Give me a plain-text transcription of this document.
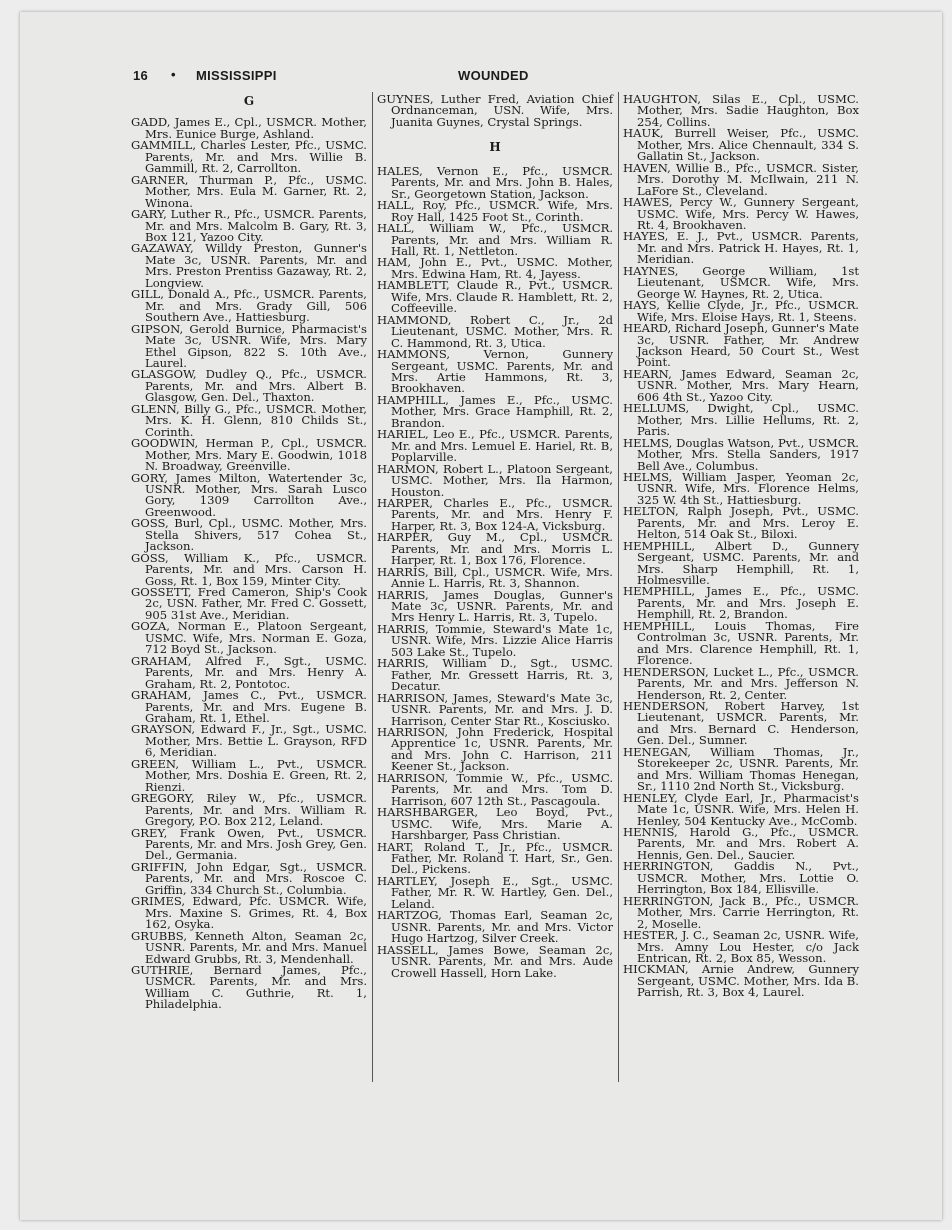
16 • MISSISSIPPI	WOUNDED
G

GADD, James E., Cpl., USMCR. Mother, Mrs. Eunice Burge, Ashland.

GAMMILL, Charles Lester, Pfc., USMC. Parents, Mr. and Mrs. Willie B. Gammill, Rt. 2, Carrollton.

GARNER, Thurman P., Pfc., USMC. Mother, Mrs. Eula M. Garner, Rt. 2, Winona.

GARY, Luther R., Pfc., USMCR. Parents, Mr. and Mrs. Malcolm B. Gary, Rt. 3, Box 121, Yazoo City.

GAZAWAY, Willdy Preston, Gunner's Mate 3c, USNR. Parents, Mr. and Mrs. Preston Prentiss Gazaway, Rt. 2, Longview.

GILL, Donald A., Pfc., USMCR. Parents, Mr. and Mrs. Grady Gill, 506 Southern Ave., Hattiesburg.

GIPSON, Gerold Burnice, Pharmacist's Mate 3c, USNR. Wife, Mrs. Mary Ethel Gipson, 822 S. 10th Ave., Laurel.

GLASGOW, Dudley Q., Pfc., USMCR. Parents, Mr. and Mrs. Albert B. Glasgow, Gen. Del., Thaxton.

GLENN, Billy G., Pfc., USMCR. Mother, Mrs. K. H. Glenn, 810 Childs St., Corinth.

GOODWIN, Herman P., Cpl., USMCR. Mother, Mrs. Mary E. Goodwin, 1018 N. Broadway, Greenville.

GORY, James Milton, Watertender 3c, USNR. Mother, Mrs. Sarah Lusco Gory, 1309 Carrollton Ave., Greenwood.

GOSS, Burl, Cpl., USMC. Mother, Mrs. Stella Shivers, 517 Cohea St., Jackson.

GOSS, William K., Pfc., USMCR. Parents, Mr. and Mrs. Carson H. Goss, Rt. 1, Box 159, Minter City.

GOSSETT, Fred Cameron, Ship's Cook 2c, USN. Father, Mr. Fred C. Gossett, 905 31st Ave., Meridian.

GOZA, Norman E., Platoon Sergeant, USMC. Wife, Mrs. Norman E. Goza, 712 Boyd St., Jackson.

GRAHAM, Alfred F., Sgt., USMC. Parents, Mr. and Mrs. Henry A. Graham, Rt. 2, Pontotoc.

GRAHAM, James C., Pvt., USMCR. Parents, Mr. and Mrs. Eugene B. Graham, Rt. 1, Ethel.

GRAYSON, Edward F., Jr., Sgt., USMC. Mother, Mrs. Bettie L. Grayson, RFD 6, Meridian.

GREEN, William L., Pvt., USMCR. Mother, Mrs. Doshia E. Green, Rt. 2, Rienzi.

GREGORY, Riley W., Pfc., USMCR. Parents, Mr. and Mrs. William R. Gregory, P.O. Box 212, Leland.

GREY, Frank Owen, Pvt., USMCR. Parents, Mr. and Mrs. Josh Grey, Gen. Del., Germania.

GRIFFIN, John Edgar, Sgt., USMCR. Parents, Mr. and Mrs. Roscoe C. Griffin, 334 Church St., Columbia.

GRIMES, Edward, Pfc. USMCR. Wife, Mrs. Maxine S. Grimes, Rt. 4, Box 162, Osyka.

GRUBBS, Kenneth Alton, Seaman 2c, USNR. Parents, Mr. and Mrs. Manuel Edward Grubbs, Rt. 3, Mendenhall.

GUTHRIE, Bernard James, Pfc., USMCR. Parents, Mr. and Mrs. William C. Guthrie, Rt. 1, Philadelphia.

GUYNES, Luther Fred, Aviation Chief Ordnanceman, USN. Wife, Mrs. Juanita Guynes, Crystal Springs.

H

HALES, Vernon E., Pfc., USMCR. Parents, Mr. and Mrs. John B. Hales, Sr., Georgetown Station, Jackson.

HALL, Roy, Pfc., USMCR. Wife, Mrs. Roy Hall, 1425 Foot St., Corinth.

HALL, William W., Pfc., USMCR. Parents, Mr. and Mrs. William R. Hall, Rt. 1, Nettleton.

HAM, John E., Pvt., USMC. Mother, Mrs. Edwina Ham, Rt. 4, Jayess.

HAMBLETT, Claude R., Pvt., USMCR. Wife, Mrs. Claude R. Hamblett, Rt. 2, Coffeeville.

HAMMOND, Robert C., Jr., 2d Lieutenant, USMC. Mother, Mrs. R. C. Hammond, Rt. 3, Utica.

HAMMONS, Vernon, Gunnery Sergeant, USMC. Parents, Mr. and Mrs. Artie Hammons, Rt. 3, Brookhaven.

HAMPHILL, James E., Pfc., USMC. Mother, Mrs. Grace Hamphill, Rt. 2, Brandon.

HARIEL, Leo E., Pfc., USMCR. Parents, Mr. and Mrs. Lemuel E. Hariel, Rt. B, Poplarville.

HARMON, Robert L., Platoon Sergeant, USMC. Mother, Mrs. Ila Harmon, Houston.

HARPER, Charles E., Pfc., USMCR. Parents, Mr. and Mrs. Henry F. Harper, Rt. 3, Box 124-A, Vicksburg.

HARPER, Guy M., Cpl., USMCR. Parents, Mr. and Mrs. Morris L. Harper, Rt. 1, Box 176, Florence.

HARRIS, Bill, Cpl., USMCR. Wife, Mrs. Annie L. Harris, Rt. 3, Shannon.

HARRIS, James Douglas, Gunner's Mate 3c, USNR. Parents, Mr. and Mrs Henry L. Harris, Rt. 3, Tupelo.

HARRIS, Tommie, Steward's Mate 1c, USNR. Wife, Mrs. Lizzie Alice Harris 503 Lake St., Tupelo.

HARRIS, William D., Sgt., USMC. Father, Mr. Gressett Harris, Rt. 3, Decatur.

HARRISON, James, Steward's Mate 3c, USNR. Parents, Mr. and Mrs. J. D. Harrison, Center Star Rt., Kosciusko.

HARRISON, John Frederick, Hospital Apprentice 1c, USNR. Parents, Mr. and Mrs. John C. Harrison, 211 Keener St., Jackson.

HARRISON, Tommie W., Pfc., USMC. Parents, Mr. and Mrs. Tom D. Harrison, 607 12th St., Pascagoula.

HARSHBARGER, Leo Boyd, Pvt., USMC. Wife, Mrs. Marie A. Harshbarger, Pass Christian.

HART, Roland T., Jr., Pfc., USMCR. Father, Mr. Roland T. Hart, Sr., Gen. Del., Pickens.

HARTLEY, Joseph E., Sgt., USMC. Father, Mr. R. W. Hartley, Gen. Del., Leland.

HARTZOG, Thomas Earl, Seaman 2c, USNR. Parents, Mr. and Mrs. Victor Hugo Hartzog, Silver Creek.

HASSELL, James Bowe, Seaman 2c, USNR. Parents, Mr. and Mrs. Aude Crowell Hassell, Horn Lake.

HAUGHTON, Silas E., Cpl., USMC. Mother, Mrs. Sadie Haughton, Box 254, Collins.

HAUK, Burrell Weiser, Pfc., USMC. Mother, Mrs. Alice Chennault, 334 S. Gallatin St., Jackson.

HAVEN, Willie B., Pfc., USMCR. Sister, Mrs. Dorothy M. McIlwain, 211 N. LaFore St., Cleveland.

HAWES, Percy W., Gunnery Sergeant, USMC. Wife, Mrs. Percy W. Hawes, Rt. 4, Brookhaven.

HAYES, E. J., Pvt., USMCR. Parents, Mr. and Mrs. Patrick H. Hayes, Rt. 1, Meridian.

HAYNES, George William, 1st Lieutenant, USMCR. Wife, Mrs. George W. Haynes, Rt. 2, Utica.

HAYS, Kellie Clyde, Jr., Pfc., USMCR. Wife, Mrs. Eloise Hays, Rt. 1, Steens.

HEARD, Richard Joseph, Gunner's Mate 3c, USNR. Father, Mr. Andrew Jackson Heard, 50 Court St., West Point.

HEARN, James Edward, Seaman 2c, USNR. Mother, Mrs. Mary Hearn, 606 4th St., Yazoo City.

HELLUMS, Dwight, Cpl., USMC. Mother, Mrs. Lillie Hellums, Rt. 2, Paris.

HELMS, Douglas Watson, Pvt., USMCR. Mother, Mrs. Stella Sanders, 1917 Bell Ave., Columbus.

HELMS, William Jasper, Yeoman 2c, USNR. Wife, Mrs. Florence Helms, 325 W. 4th St., Hattiesburg.

HELTON, Ralph Joseph, Pvt., USMC. Parents, Mr. and Mrs. Leroy E. Helton, 514 Oak St., Biloxi.

HEMPHILL, Albert D., Gunnery Sergeant, USMC. Parents, Mr. and Mrs. Sharp Hemphill, Rt. 1, Holmesville.

HEMPHILL, James E., Pfc., USMC. Parents, Mr. and Mrs. Joseph E. Hemphill, Rt. 2, Brandon.

HEMPHILL, Louis Thomas, Fire Controlman 3c, USNR. Parents, Mr. and Mrs. Clarence Hemphill, Rt. 1, Florence.

HENDERSON, Lucket L., Pfc., USMCR. Parents, Mr. and Mrs. Jefferson N. Henderson, Rt. 2, Center.

HENDERSON, Robert Harvey, 1st Lieutenant, USMCR. Parents, Mr. and Mrs. Bernard C. Henderson, Gen. Del., Sumner.

HENEGAN, William Thomas, Jr., Storekeeper 2c, USNR. Parents, Mr. and Mrs. William Thomas Henegan, Sr., 1110 2nd North St., Vicksburg.

HENLEY, Clyde Earl, Jr., Pharmacist's Mate 1c, USNR. Wife, Mrs. Helen H. Henley, 504 Kentucky Ave., McComb.

HENNIS, Harold G., Pfc., USMCR. Parents, Mr. and Mrs. Robert A. Hennis, Gen. Del., Saucier.

HERRINGTON, Gaddis N., Pvt., USMCR. Mother, Mrs. Lottie O. Herrington, Box 184, Ellisville.

HERRINGTON, Jack B., Pfc., USMCR. Mother, Mrs. Carrie Herrington, Rt. 2, Moselle.

HESTER, J. C., Seaman 2c, USNR. Wife, Mrs. Amny Lou Hester, c/o Jack Entrican, Rt. 2, Box 85, Wesson.

HICKMAN, Arnie Andrew, Gunnery Sergeant, USMC. Mother, Mrs. Ida B. Parrish, Rt. 3, Box 4, Laurel.
